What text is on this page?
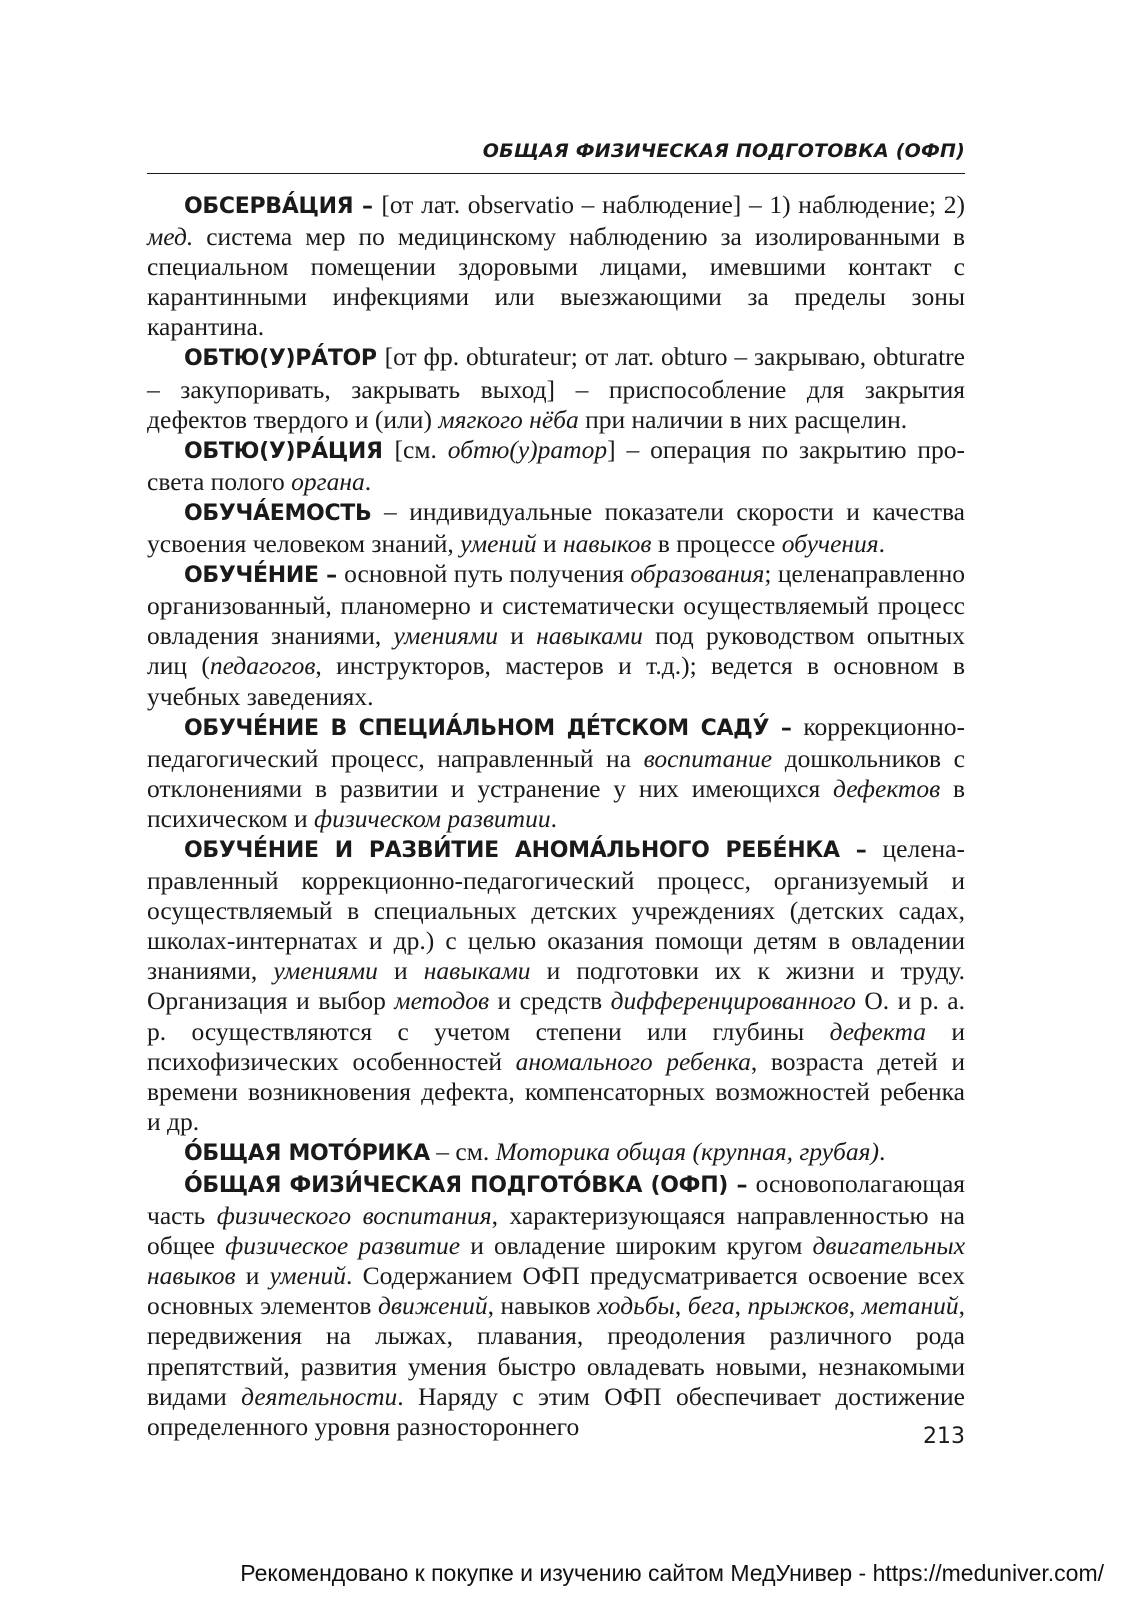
ОБЩАЯ ФИЗИЧЕСКАЯ ПОДГОТОВКА (ОФП)

ОБСЕРВА́ЦИЯ – [от лат. observatio – наблюдение] – 1) наблюдение; 2) мед. система мер по медицинскому наблюдению за изолированными в специальном помещении здоровыми лицами, имевшими контакт с карантинными инфекциями или выезжающими за пределы зоны карантина.

ОБТЮ(У)РА́ТОР [от фр. obturateur; от лат. obturo – закрываю, obturatre – закупоривать, закрывать выход] – приспособление для закрытия дефектов твердого и (или) мягкого нёба при наличии в них расщелин.

ОБТЮ(У)РА́ЦИЯ [см. обтю(у)ратор] – операция по закрытию просвета полого органа.

ОБУЧА́ЕМОСТЬ – индивидуальные показатели скорости и качества усвоения человеком знаний, умений и навыков в процессе обучения.

ОБУЧЕ́НИЕ – основной путь получения образования; целенаправленно организованный, планомерно и систематически осуществляемый процесс овладения знаниями, умениями и навыками под руководством опытных лиц (педагогов, инструкторов, мастеров и т.д.); ведется в основном в учебных заведениях.

ОБУЧЕ́НИЕ В СПЕЦИА́ЛЬНОМ ДЕ́ТСКОМ САДУ́ – коррекционно-педагогический процесс, направленный на воспитание дошкольников с отклонениями в развитии и устранение у них имеющихся дефектов в психическом и физическом развитии.

ОБУЧЕ́НИЕ И РАЗВИ́ТИЕ АНОМА́ЛЬНОГО РЕБЕ́НКА – целенаправленный коррекционно-педагогический процесс, организуемый и осуществляемый в специальных детских учреждениях (детских садах, школах-интернатах и др.) с целью оказания помощи детям в овладении знаниями, умениями и навыками и подготовки их к жизни и труду. Организация и выбор методов и средств дифференцированного О. и р. а. р. осуществляются с учетом степени или глубины дефекта и психофизических особенностей аномального ребенка, возраста детей и времени возникновения дефекта, компенсаторных возможностей ребенка и др.

О́БЩАЯ МОТО́РИКА – см. Моторика общая (крупная, грубая).

О́БЩАЯ ФИЗИ́ЧЕСКАЯ ПОДГОТО́ВКА (ОФП) – основополагающая часть физического воспитания, характеризующаяся направленностью на общее физическое развитие и овладение широким кругом двигательных навыков и умений. Содержанием ОФП предусматривается освоение всех основных элементов движений, навыков ходьбы, бега, прыжков, метаний, передвижения на лыжах, плавания, преодоления различного рода препятствий, развития умения быстро овладевать новыми, незнакомыми видами деятельности. Наряду с этим ОФП обеспечивает достижение определенного уровня разностороннего	213
Рекомендовано к покупке и изучению сайтом МедУнивер - https://meduniver.com/
